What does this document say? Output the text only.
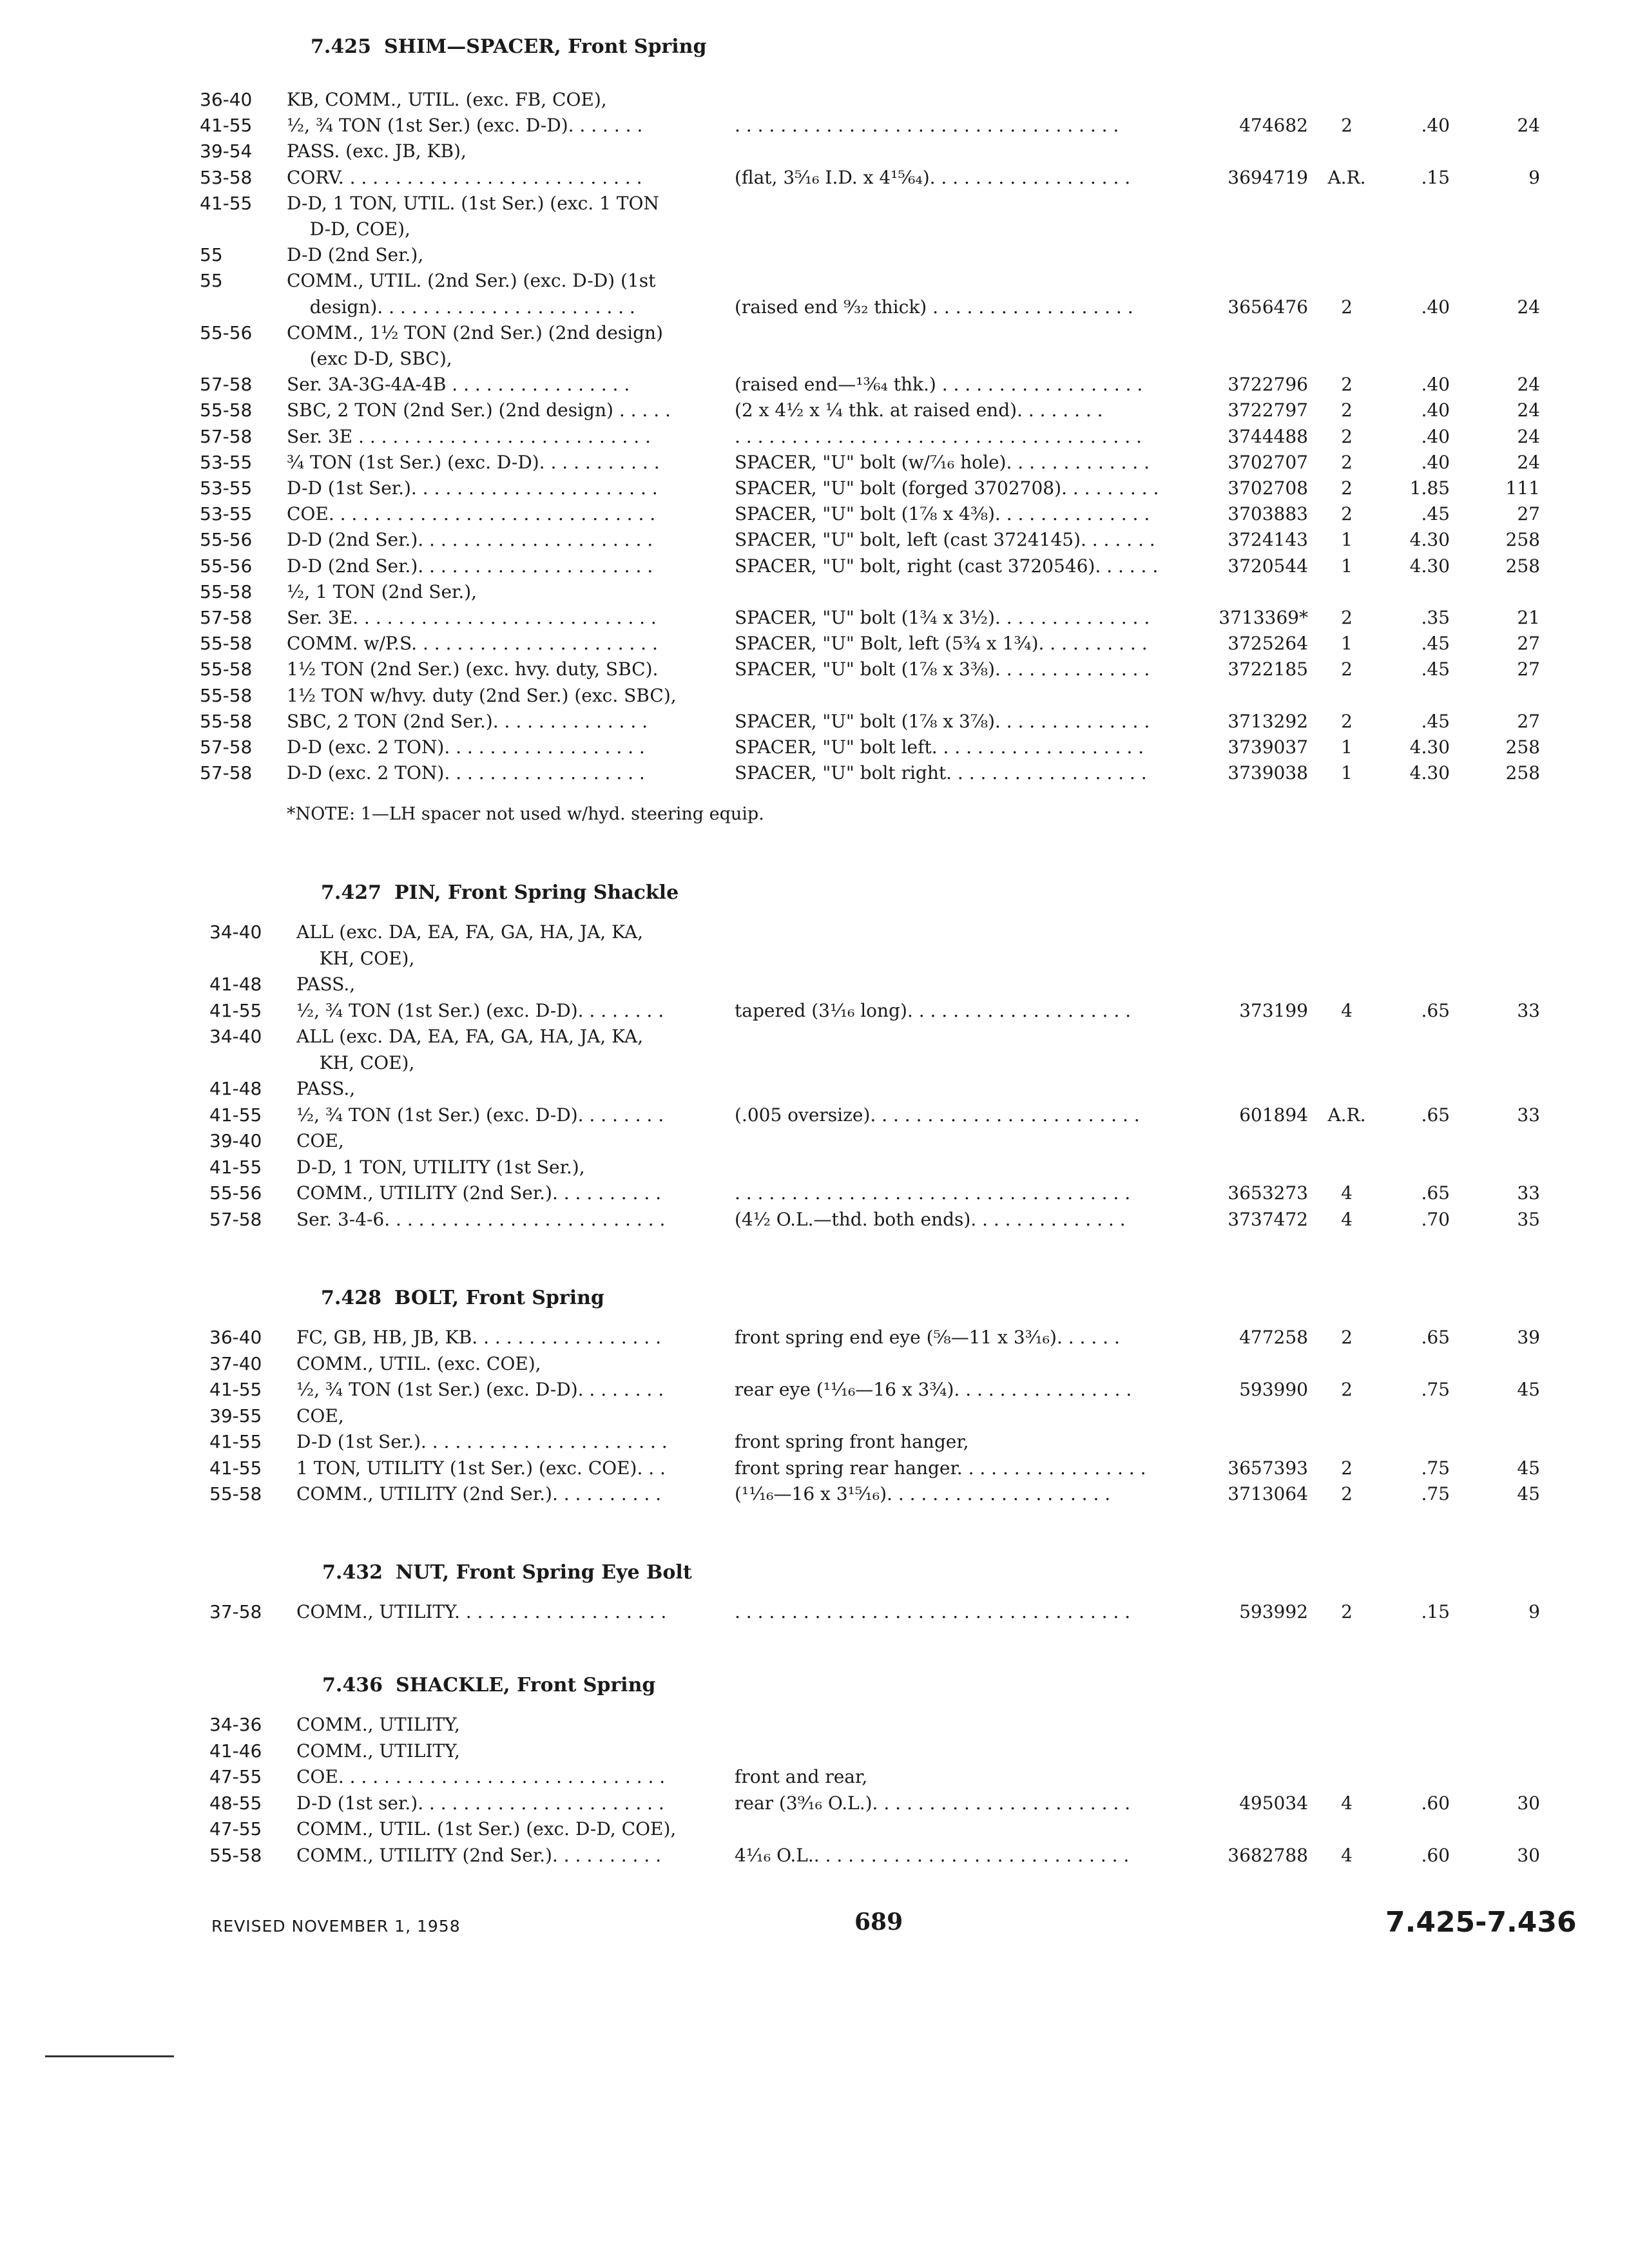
7.425 SHIM—SPACER, Front Spring
36-40 KB, COMM., UTIL. (exc. FB, COE),
41-55 ½, ¾ TON (1st Ser.) (exc. D-D). . . . . . .	. . . . . . . . . . . . . . . . . . . . . . . . . . . . . . . . . .	474682	2	.40	24
39-54 PASS. (exc. JB, KB),
53-58 CORV. . . . . . . . . . . . . . . . . . . . . . . . . . .	(flat, 3⁵⁄₁₆ I.D. x 4¹⁵⁄₆₄). . . . . . . . . . . . . . . . . .	3694719	A.R.	.15	9
41-55 D-D, 1 TON, UTIL. (1st Ser.) (exc. 1 TON
D-D, COE),
55	D-D (2nd Ser.),
55	COMM., UTIL. (2nd Ser.) (exc. D-D) (1st
design). . . . . . . . . . . . . . . . . . . . . . .	(raised end ⁹⁄₃₂ thick) . . . . . . . . . . . . . . . . . .	3656476	2	.40	24
55-56 COMM., 1½ TON (2nd Ser.) (2nd design)
(exc D-D, SBC),
57-58 Ser. 3A-3G-4A-4B . . . . . . . . . . . . . . . .	(raised end—¹³⁄₆₄ thk.) . . . . . . . . . . . . . . . . . .	3722796	2	.40	24
55-58 SBC, 2 TON (2nd Ser.) (2nd design) . . . . .	(2 x 4½ x ¼ thk. at raised end). . . . . . . .	3722797	2	.40	24
57-58 Ser. 3E . . . . . . . . . . . . . . . . . . . . . . . . . .	. . . . . . . . . . . . . . . . . . . . . . . . . . . . . . . . . . . .	3744488	2	.40	24
53-55 ¾ TON (1st Ser.) (exc. D-D). . . . . . . . . . .	SPACER, "U" bolt (w/⁷⁄₁₆ hole). . . . . . . . . . . . .	3702707	2	.40	24
53-55 D-D (1st Ser.). . . . . . . . . . . . . . . . . . . . . .	SPACER, "U" bolt (forged 3702708). . . . . . . . .	3702708	2	1.85	111
53-55 COE. . . . . . . . . . . . . . . . . . . . . . . . . . . . .	SPACER, "U" bolt (1⅞ x 4⅜). . . . . . . . . . . . . .	3703883	2	.45	27
55-56 D-D (2nd Ser.). . . . . . . . . . . . . . . . . . . . .	SPACER, "U" bolt, left (cast 3724145). . . . . . .	3724143	1	4.30	258
55-56 D-D (2nd Ser.). . . . . . . . . . . . . . . . . . . . .	SPACER, "U" bolt, right (cast 3720546). . . . . .	3720544	1	4.30	258
55-58 ½, 1 TON (2nd Ser.),
57-58 Ser. 3E. . . . . . . . . . . . . . . . . . . . . . . . . . .	SPACER, "U" bolt (1¾ x 3½). . . . . . . . . . . . . .	3713369*	2	.35	21
55-58 COMM. w/P.S. . . . . . . . . . . . . . . . . . . . . .	SPACER, "U" Bolt, left (5¾ x 1¾). . . . . . . . . .	3725264	1	.45	27
55-58 1½ TON (2nd Ser.) (exc. hvy. duty, SBC).	SPACER, "U" bolt (1⅞ x 3⅜). . . . . . . . . . . . . .	3722185	2	.45	27
55-58 1½ TON w/hvy. duty (2nd Ser.) (exc. SBC),
55-58 SBC, 2 TON (2nd Ser.). . . . . . . . . . . . . .	SPACER, "U" bolt (1⅞ x 3⅞). . . . . . . . . . . . . .	3713292	2	.45	27
57-58 D-D (exc. 2 TON). . . . . . . . . . . . . . . . . .	SPACER, "U" bolt left. . . . . . . . . . . . . . . . . . .	3739037	1	4.30	258
57-58 D-D (exc. 2 TON). . . . . . . . . . . . . . . . . .	SPACER, "U" bolt right. . . . . . . . . . . . . . . . . .	3739038	1	4.30	258
*NOTE: 1—LH spacer not used w/hyd. steering equip.
7.427 PIN, Front Spring Shackle
34-40 ALL (exc. DA, EA, FA, GA, HA, JA, KA,
KH, COE),
41-48 PASS.,
41-55 ½, ¾ TON (1st Ser.) (exc. D-D). . . . . . . .	tapered (3¹⁄₁₆ long). . . . . . . . . . . . . . . . . . . .	373199	4	.65	33
34-40 ALL (exc. DA, EA, FA, GA, HA, JA, KA,
KH, COE),
41-48 PASS.,
41-55 ½, ¾ TON (1st Ser.) (exc. D-D). . . . . . . .	(.005 oversize). . . . . . . . . . . . . . . . . . . . . . . .	601894	A.R.	.65	33
39-40 COE,
41-55 D-D, 1 TON, UTILITY (1st Ser.),
55-56 COMM., UTILITY (2nd Ser.). . . . . . . . . .	. . . . . . . . . . . . . . . . . . . . . . . . . . . . . . . . . . .	3653273	4	.65	33
57-58 Ser. 3-4-6. . . . . . . . . . . . . . . . . . . . . . . . .	(4½ O.L.—thd. both ends). . . . . . . . . . . . . .	3737472	4	.70	35
7.428 BOLT, Front Spring
36-40 FC, GB, HB, JB, KB. . . . . . . . . . . . . . . . .	front spring end eye (⅝—11 x 3³⁄₁₆). . . . . .	477258	2	.65	39
37-40 COMM., UTIL. (exc. COE),
41-55 ½, ¾ TON (1st Ser.) (exc. D-D). . . . . . . .	rear eye (¹¹⁄₁₆—16 x 3¾). . . . . . . . . . . . . . . .	593990	2	.75	45
39-55 COE,
41-55 D-D (1st Ser.). . . . . . . . . . . . . . . . . . . . . .	front spring front hanger,
41-55 1 TON, UTILITY (1st Ser.) (exc. COE). . .	front spring rear hanger. . . . . . . . . . . . . . . . .	3657393	2	.75	45
55-58 COMM., UTILITY (2nd Ser.). . . . . . . . . .	(¹¹⁄₁₆—16 x 3¹⁵⁄₁₆). . . . . . . . . . . . . . . . . . . .	3713064	2	.75	45
7.432 NUT, Front Spring Eye Bolt
37-58 COMM., UTILITY. . . . . . . . . . . . . . . . . . .	. . . . . . . . . . . . . . . . . . . . . . . . . . . . . . . . . . .	593992	2	.15	9
7.436 SHACKLE, Front Spring
34-36 COMM., UTILITY,
41-46 COMM., UTILITY,
47-55 COE. . . . . . . . . . . . . . . . . . . . . . . . . . . . .	front and rear,
48-55 D-D (1st ser.). . . . . . . . . . . . . . . . . . . . . .	rear (3⁹⁄₁₆ O.L.). . . . . . . . . . . . . . . . . . . . . . .	495034	4	.60	30
47-55 COMM., UTIL. (1st Ser.) (exc. D-D, COE),
55-58 COMM., UTILITY (2nd Ser.). . . . . . . . . .	4¹⁄₁₆ O.L.. . . . . . . . . . . . . . . . . . . . . . . . . . . .	3682788	4	.60	30
REVISED NOVEMBER 1, 1958	689	7.425-7.436
